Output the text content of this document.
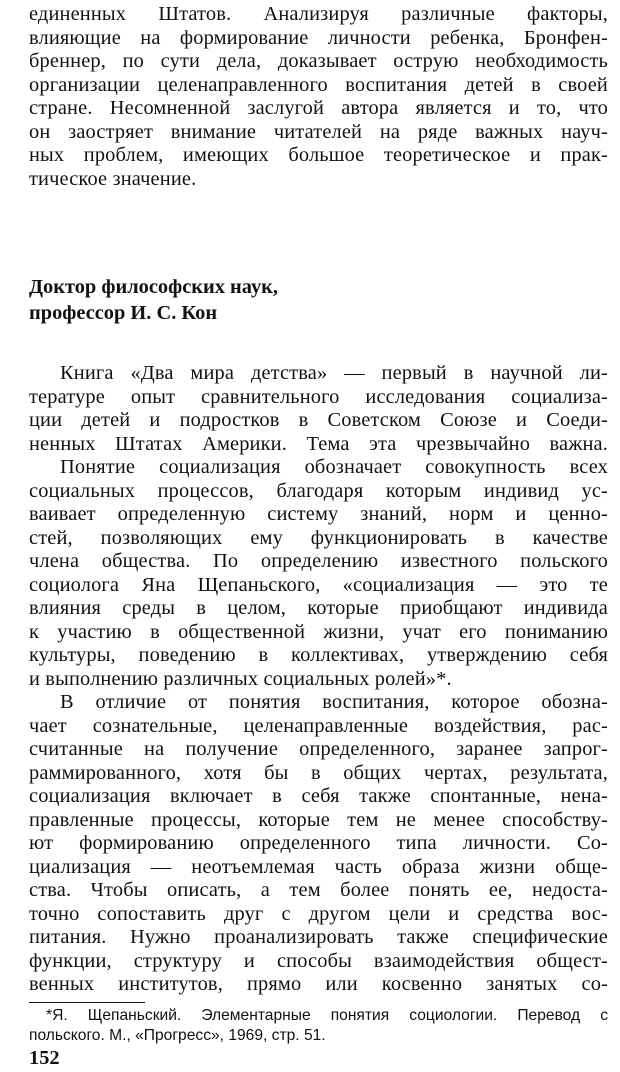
единенных Штатов. Анализируя различные факторы,
влияющие на формирование личности ребенка, Бронфен-
бреннер, по сути дела, доказывает острую необходимость
организации целенаправленного воспитания детей в своей
стране. Несомненной заслугой автора является и то, что
он заостряет внимание читателей на ряде важных науч-
ных проблем, имеющих большое теоретическое и прак-
тическое значение.
Доктор философских наук,
профессор И. С. Кон
Книга «Два мира детства» — первый в научной ли-
тературе опыт сравнительного исследования социализа-
ции детей и подростков в Советском Союзе и Соеди-
ненных Штатах Америки. Тема эта чрезвычайно важна.
Понятие социализация обозначает совокупность всех
социальных процессов, благодаря которым индивид ус-
ваивает определенную систему знаний, норм и ценно-
стей, позволяющих ему функционировать в качестве
члена общества. По определению известного польского
социолога Яна Щепаньского, «социализация — это те
влияния среды в целом, которые приобщают индивида
к участию в общественной жизни, учат его пониманию
культуры, поведению в коллективах, утверждению себя
и выполнению различных социальных ролей»*.
В отличие от понятия воспитания, которое обозна-
чает сознательные, целенаправленные воздействия, рас-
считанные на получение определенного, заранее запрог-
раммированного, хотя бы в общих чертах, результата,
социализация включает в себя также спонтанные, нена-
правленные процессы, которые тем не менее способству-
ют формированию определенного типа личности. Со-
циализация — неотъемлемая часть образа жизни обще-
ства. Чтобы описать, а тем более понять ее, недоста-
точно сопоставить друг с другом цели и средства вос-
питания. Нужно проанализировать также специфические
функции, структуру и способы взаимодействия общест-
венных институтов, прямо или косвенно занятых со-
*Я. Щепаньский. Элементарные понятия социологии. Перевод с
польского. М., «Прогресс», 1969, стр. 51.
152
